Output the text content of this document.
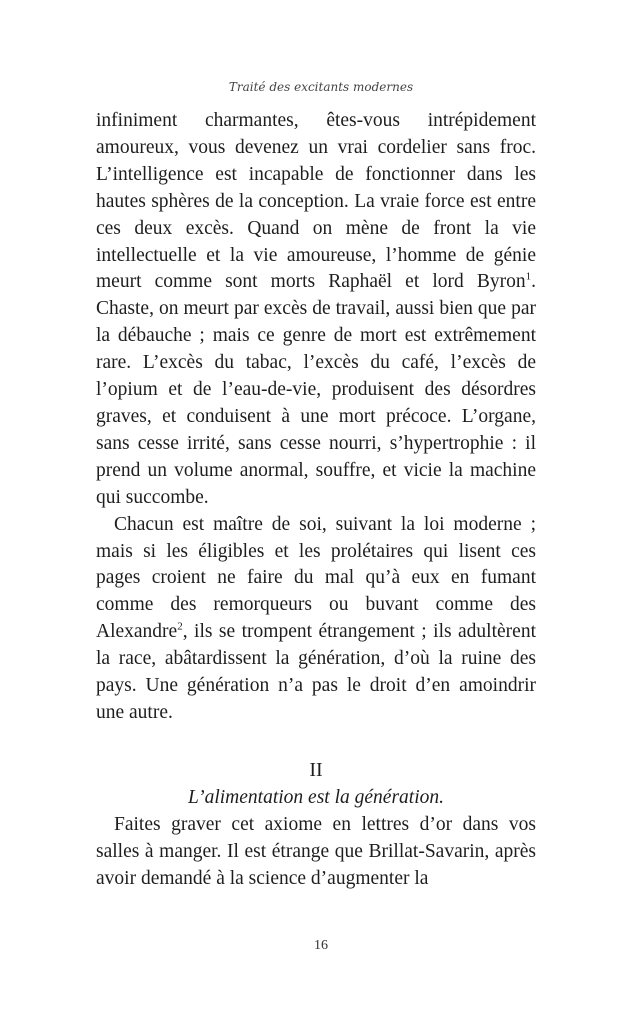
Traité des excitants modernes

infiniment charmantes, êtes-vous intrépidement amoureux, vous devenez un vrai cordelier sans froc. L’intelligence est incapable de fonctionner dans les hautes sphères de la conception. La vraie force est entre ces deux excès. Quand on mène de front la vie intellectuelle et la vie amoureuse, l’homme de génie meurt comme sont morts Raphaël et lord Byron$^1$. Chaste, on meurt par excès de travail, aussi bien que par la débauche ; mais ce genre de mort est extrêmement rare. L’excès du tabac, l’excès du café, l’excès de l’opium et de l’eau-de-vie, produisent des désordres graves, et conduisent à une mort précoce. L’organe, sans cesse irrité, sans cesse nourri, s’hypertrophie : il prend un volume anormal, souffre, et vicie la machine qui succombe.

Chacun est maître de soi, suivant la loi moderne ; mais si les éligibles et les prolétaires qui lisent ces pages croient ne faire du mal qu’à eux en fumant comme des remorqueurs ou buvant comme des Alexandre$^2$, ils se trompent étrangement ; ils adultèrent la race, abâtardissent la génération, d’où la ruine des pays. Une génération n’a pas le droit d’en amoindrir une autre.

II
L’alimentation est la génération.

Faites graver cet axiome en lettres d’or dans vos salles à manger. Il est étrange que Brillat-Savarin, après avoir demandé à la science d’augmenter la

16
